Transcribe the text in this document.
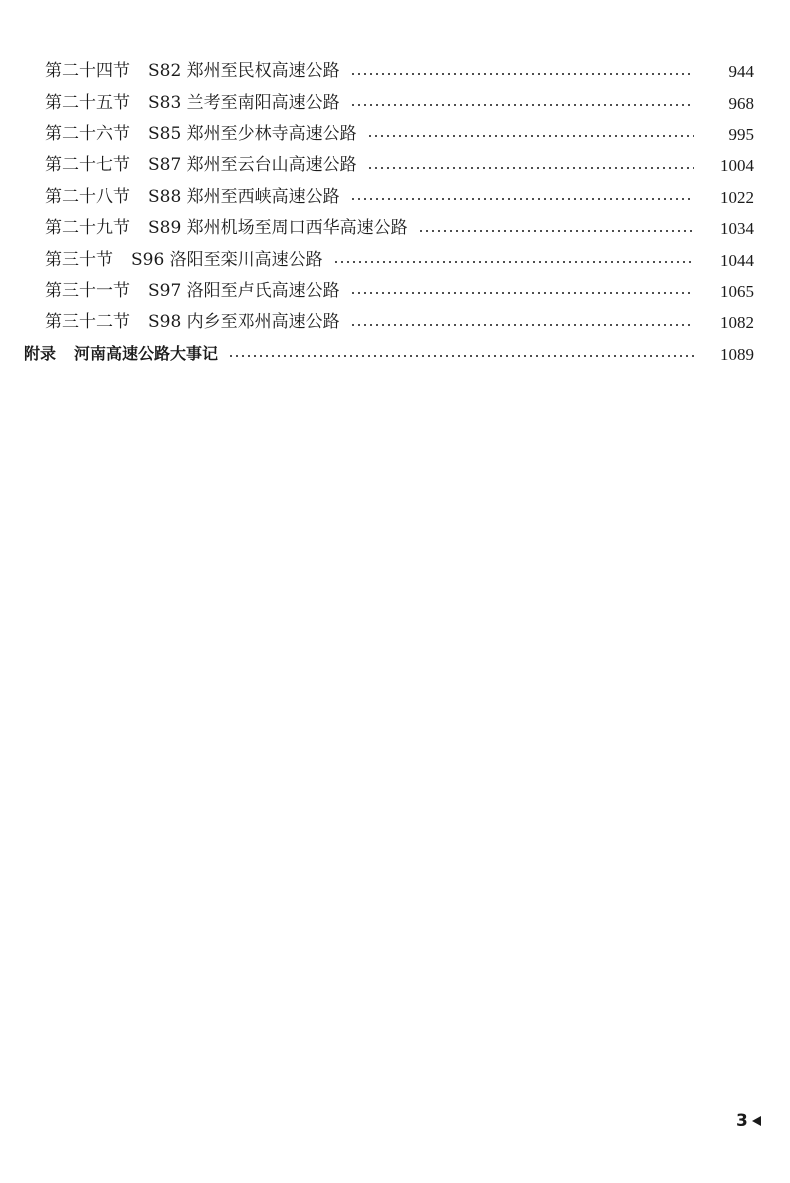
第二十四节 S82 郑州至民权高速公路	944
第二十五节 S83 兰考至南阳高速公路	968
第二十六节 S85 郑州至少林寺高速公路	995
第二十七节 S87 郑州至云台山高速公路	1004
第二十八节 S88 郑州至西峡高速公路	1022
第二十九节 S89 郑州机场至周口西华高速公路	1034
第三十节 S96 洛阳至栾川高速公路	1044
第三十一节 S97 洛阳至卢氏高速公路	1065
第三十二节 S98 内乡至邓州高速公路	1082
附录 河南高速公路大事记	1089
3
